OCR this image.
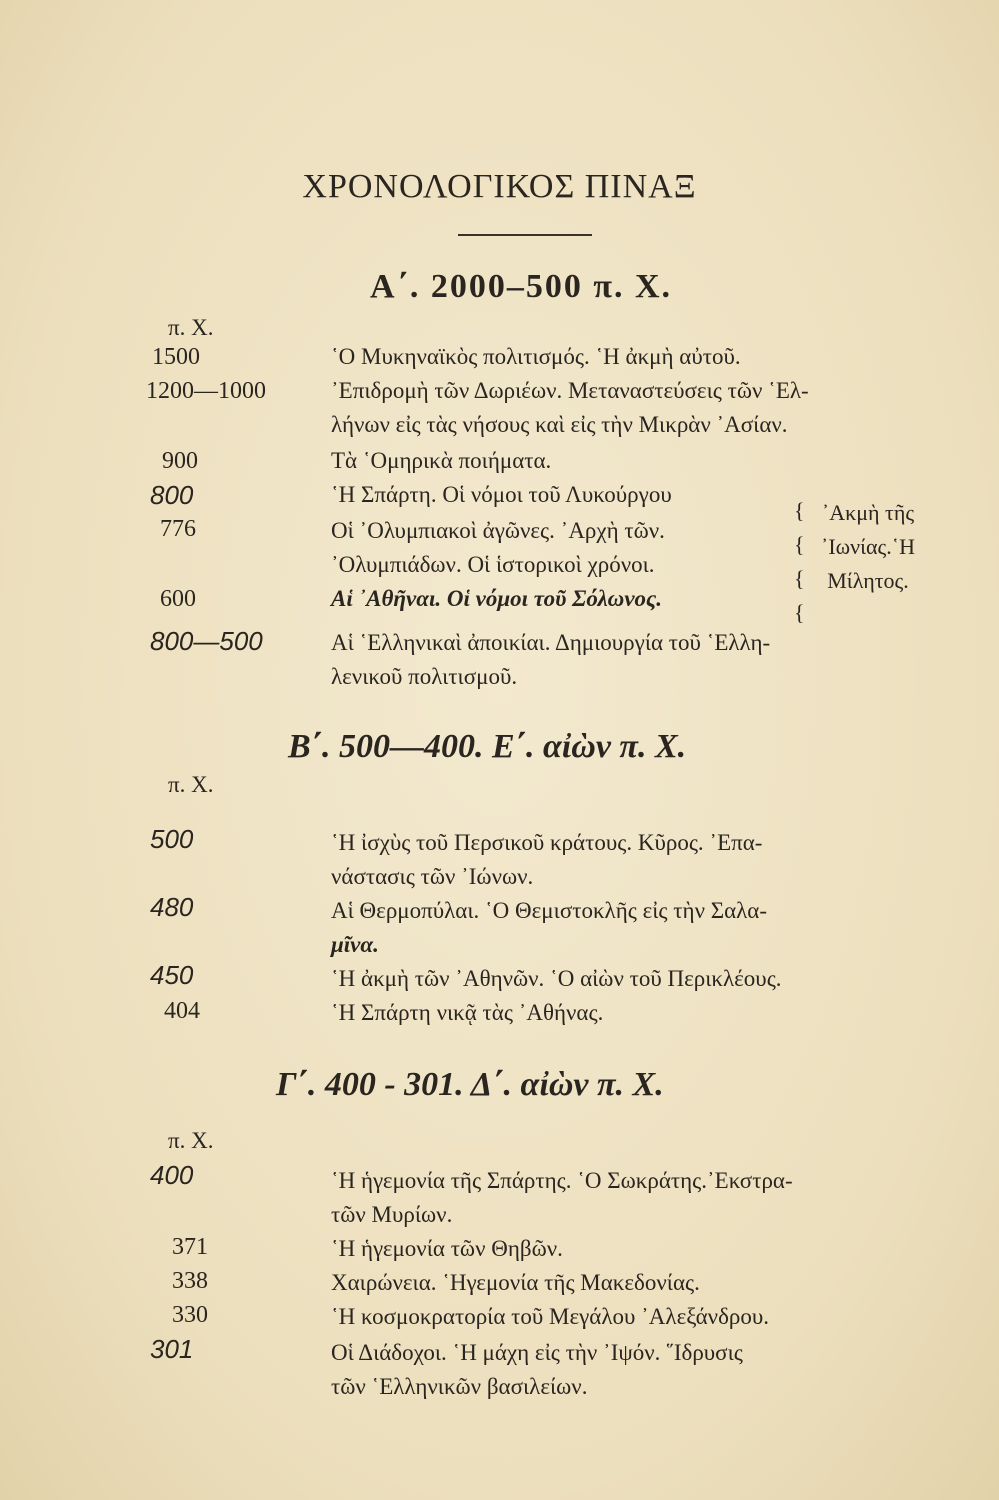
ΧΡΟΝΟΛΟΓΙΚΟΣ ΠΙΝΑΞ
Α΄. 2000–500 π. Χ.
π. Χ.
1500	῾Ο Μυκηναϊκὸς πολιτισμός. ῾Η ἀκμὴ αὐτοῦ.
1200—1000	᾿Επιδρομὴ τῶν Δωριέων. Μεταναστεύσεις τῶν ῾Ελ-
λήνων εἰς τὰς νήσους καὶ εἰς τὴν Μικρὰν ᾿Ασίαν.
900	Τὰ ῾Ομηρικὰ ποιήματα.
800	῾Η Σπάρτη. Οἱ νόμοι τοῦ Λυκούργου
776	Οἱ ᾿Ολυμπιακοὶ ἀγῶνες. ᾿Αρχὴ τῶν.
᾿Ολυμπιάδων. Οἱ ἱστορικοὶ χρόνοι.
600	Αἱ ᾿Αθῆναι. Οἱ νόμοι τοῦ Σόλωνος.
{
{
{
{
᾿Ακμὴ τῆς
᾿Ιωνίας.῾Η
Μίλητος.
800—500	Αἱ ῾Ελληνικαὶ ἀποικίαι. Δημιουργία τοῦ ῾Ελλη-
λενικοῦ πολιτισμοῦ.
Β΄. 500—400. Ε΄. αἰὼν π. Χ.
π. Χ.
500	῾Η ἰσχὺς τοῦ Περσικοῦ κράτους. Κῦρος. ᾿Επα-
νάστασις τῶν ᾿Ιώνων.
480	Αἱ Θερμοπύλαι. ῾Ο Θεμιστοκλῆς εἰς τὴν Σαλα-
μῖνα.
450	῾Η ἀκμὴ τῶν ᾿Αθηνῶν. ῾Ο αἰὼν τοῦ Περικλέους.
404	῾Η Σπάρτη νικᾷ τὰς ᾿Αθήνας.
Γ΄. 400 - 301. Δ΄. αἰὼν π. Χ.
π. Χ.
400	῾Η ἡγεμονία τῆς Σπάρτης. ῾Ο Σωκράτης.᾿Εκστρα-
τῶν Μυρίων.
371	῾Η ἡγεμονία τῶν Θηβῶν.
338	Χαιρώνεια. ῾Ηγεμονία τῆς Μακεδονίας.
330	῾Η κοσμοκρατορία τοῦ Μεγάλου ᾿Αλεξάνδρου.
301	Οἱ Διάδοχοι. ῾Η μάχη εἰς τὴν ᾿Ιψόν. ῞Ιδρυσις
τῶν ῾Ελληνικῶν βασιλείων.
